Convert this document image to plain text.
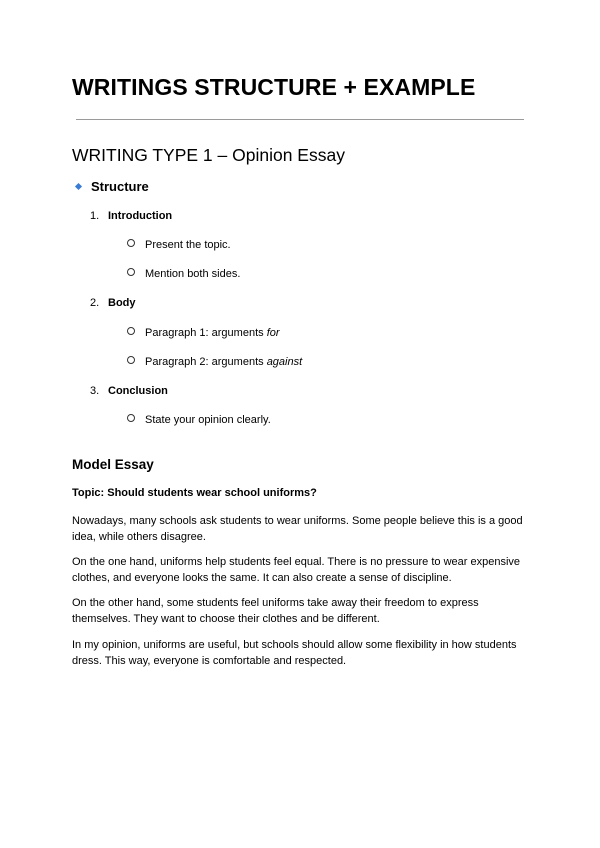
WRITINGS STRUCTURE + EXAMPLE
WRITING TYPE 1 – Opinion Essay
Structure
1. Introduction
Present the topic.
Mention both sides.
2. Body
Paragraph 1: arguments for
Paragraph 2: arguments against
3. Conclusion
State your opinion clearly.
Model Essay
Topic: Should students wear school uniforms?
Nowadays, many schools ask students to wear uniforms. Some people believe this is a good idea, while others disagree.
On the one hand, uniforms help students feel equal. There is no pressure to wear expensive clothes, and everyone looks the same. It can also create a sense of discipline.
On the other hand, some students feel uniforms take away their freedom to express themselves. They want to choose their clothes and be different.
In my opinion, uniforms are useful, but schools should allow some flexibility in how students dress. This way, everyone is comfortable and respected.
